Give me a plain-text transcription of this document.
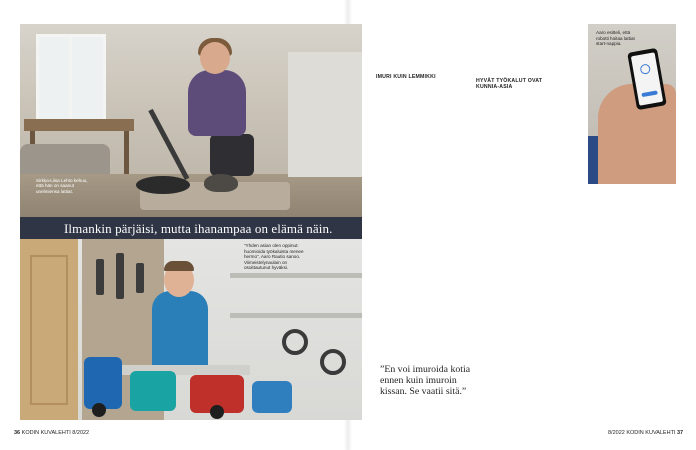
Sirkka-Liisa Lehto kehuu, että hän on saanut unelmiensa lattiat.
Ilmankin pärjäisi, mutta ihanampaa on elämä näin.
”Yhden asian olen oppinut: huomioida työkaluista menee hermo”, Aaro Rautio sanoo. Viimeistelynaulain on osoittautunut hyväksi.
36 KODIN KUVALEHTI 8/2022
IMURI KUIN LEMMIKKI
HYVÄT TYÖKALUT OVAT KUNNIA-ASIA
”En voi imuroida kotia ennen kuin imuroin kissan. Se vaatii sitä.”
Aaro esitteli, että robotti hoitaa lattiat start-nappia.
8/2022 KODIN KUVALEHTI 37
